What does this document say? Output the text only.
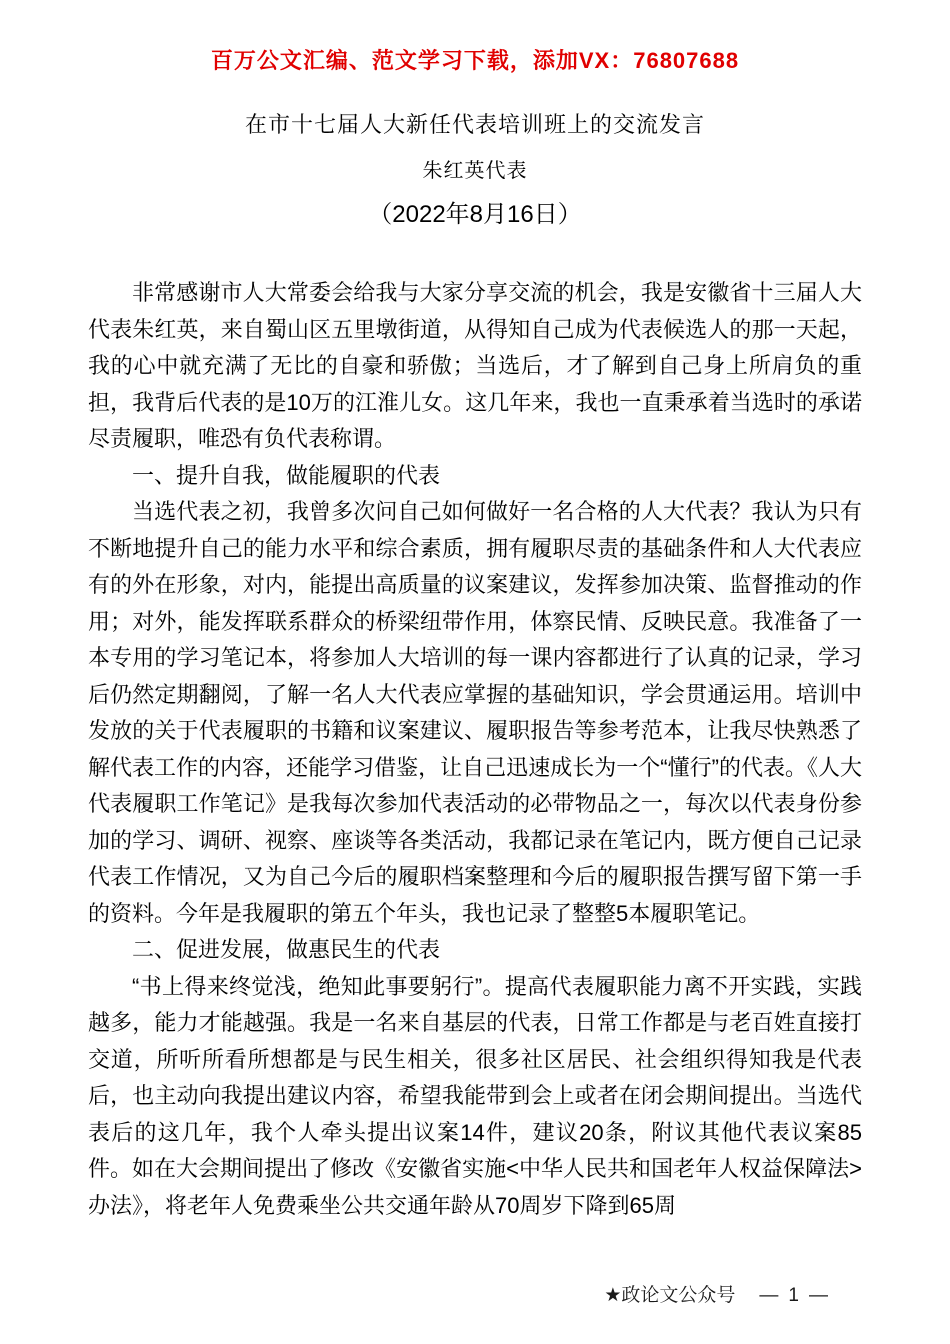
百万公文汇编、范文学习下载，添加VX：76807688
在市十七届人大新任代表培训班上的交流发言
朱红英代表
（2022年8月16日）

非常感谢市人大常委会给我与大家分享交流的机会，我是安徽省十三届人大代表朱红英，来自蜀山区五里墩街道，从得知自己成为代表候选人的那一天起，我的心中就充满了无比的自豪和骄傲；当选后，才了解到自己身上所肩负的重担，我背后代表的是10万的江淮儿女。这几年来，我也一直秉承着当选时的承诺尽责履职，唯恐有负代表称谓。

一、提升自我，做能履职的代表

当选代表之初，我曾多次问自己如何做好一名合格的人大代表？我认为只有不断地提升自己的能力水平和综合素质，拥有履职尽责的基础条件和人大代表应有的外在形象，对内，能提出高质量的议案建议，发挥参加决策、监督推动的作用；对外，能发挥联系群众的桥梁纽带作用，体察民情、反映民意。我准备了一本专用的学习笔记本，将参加人大培训的每一课内容都进行了认真的记录，学习后仍然定期翻阅，了解一名人大代表应掌握的基础知识，学会贯通运用。培训中发放的关于代表履职的书籍和议案建议、履职报告等参考范本，让我尽快熟悉了解代表工作的内容，还能学习借鉴，让自己迅速成长为一个“懂行”的代表。《人大代表履职工作笔记》是我每次参加代表活动的必带物品之一，每次以代表身份参加的学习、调研、视察、座谈等各类活动，我都记录在笔记内，既方便自己记录代表工作情况，又为自己今后的履职档案整理和今后的履职报告撰写留下第一手的资料。今年是我履职的第五个年头，我也记录了整整5本履职笔记。

二、促进发展，做惠民生的代表

“书上得来终觉浅，绝知此事要躬行”。提高代表履职能力离不开实践，实践越多，能力才能越强。我是一名来自基层的代表，日常工作都是与老百姓直接打交道，所听所看所想都是与民生相关，很多社区居民、社会组织得知我是代表后，也主动向我提出建议内容，希望我能带到会上或者在闭会期间提出。当选代表后的这几年，我个人牵头提出议案14件，建议20条，附议其他代表议案85件。如在大会期间提出了修改《安徽省实施<中华人民共和国老年人权益保障法>办法》，将老年人免费乘坐公共交通年龄从70周岁下降到65周

★政论文公众号 — 1 —
